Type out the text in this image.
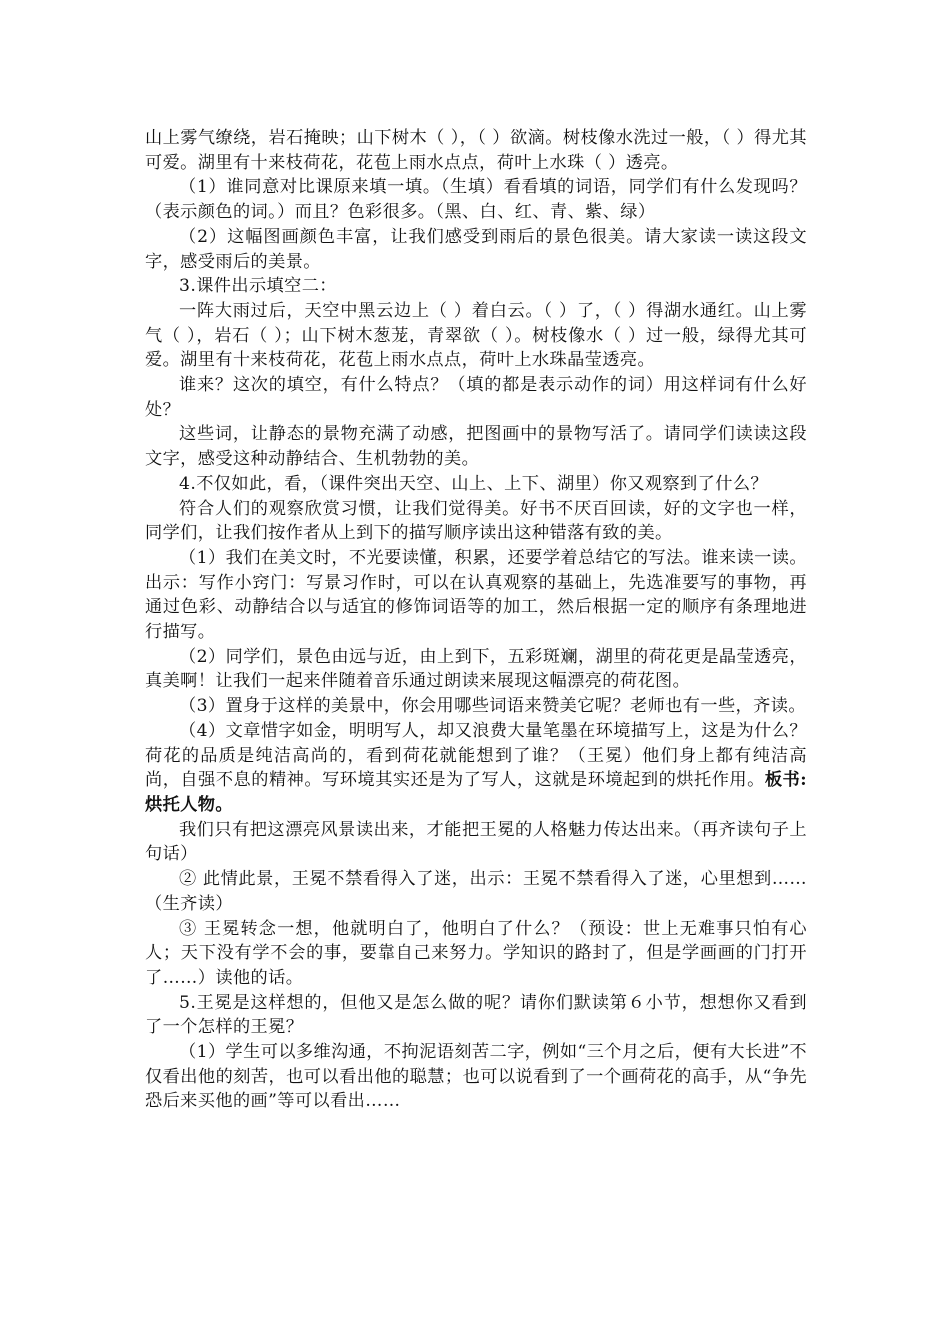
山上雾气缭绕，岩石掩映；山下树木（ ），（ ）欲滴。树枝像水洗过一般，（ ）得尤其可爱。湖里有十来枝荷花，花苞上雨水点点，荷叶上水珠（ ）透亮。

（1）谁同意对比课原来填一填。（生填）看看填的词语，同学们有什么发现吗？（表示颜色的词。）而且？色彩很多。（黑、白、红、青、紫、绿）

（2）这幅图画颜色丰富，让我们感受到雨后的景色很美。请大家读一读这段文字，感受雨后的美景。

3.课件出示填空二：

一阵大雨过后，天空中黑云边上（ ）着白云。（ ）了，（ ）得湖水通红。山上雾气（ ），岩石（ ）；山下树木葱茏，青翠欲（ ）。树枝像水（ ）过一般，绿得尤其可爱。湖里有十来枝荷花，花苞上雨水点点，荷叶上水珠晶莹透亮。

谁来？这次的填空，有什么特点？（填的都是表示动作的词）用这样词有什么好处？

这些词，让静态的景物充满了动感，把图画中的景物写活了。请同学们读读这段文字，感受这种动静结合、生机勃勃的美。

4.不仅如此，看，（课件突出天空、山上、上下、湖里）你又观察到了什么？

符合人们的观察欣赏习惯，让我们觉得美。好书不厌百回读，好的文字也一样，同学们，让我们按作者从上到下的描写顺序读出这种错落有致的美。

（1）我们在美文时，不光要读懂，积累，还要学着总结它的写法。谁来读一读。出示：写作小窍门：写景习作时，可以在认真观察的基础上，先选准要写的事物，再通过色彩、动静结合以与适宜的修饰词语等的加工，然后根据一定的顺序有条理地进行描写。

（2）同学们，景色由远与近，由上到下，五彩斑斓，湖里的荷花更是晶莹透亮，真美啊！让我们一起来伴随着音乐通过朗读来展现这幅漂亮的荷花图。

（3）置身于这样的美景中，你会用哪些词语来赞美它呢？老师也有一些，齐读。

（4）文章惜字如金，明明写人，却又浪费大量笔墨在环境描写上，这是为什么？荷花的品质是纯洁高尚的，看到荷花就能想到了谁？（王冕）他们身上都有纯洁高尚，自强不息的精神。写环境其实还是为了写人，这就是环境起到的烘托作用。板书:烘托人物。

我们只有把这漂亮风景读出来，才能把王冕的人格魅力传达出来。（再齐读句子上句话）

② 此情此景，王冕不禁看得入了迷，出示：王冕不禁看得入了迷，心里想到……（生齐读）

③ 王冕转念一想，他就明白了，他明白了什么？（预设：世上无难事只怕有心人；天下没有学不会的事，要靠自己来努力。学知识的路封了，但是学画画的门打开了……）读他的话。

5.王冕是这样想的，但他又是怎么做的呢？请你们默读第６小节，想想你又看到了一个怎样的王冕？

（1）学生可以多维沟通，不拘泥语刻苦二字，例如“三个月之后，便有大长进”不仅看出他的刻苦，也可以看出他的聪慧；也可以说看到了一个画荷花的高手，从“争先恐后来买他的画”等可以看出……
